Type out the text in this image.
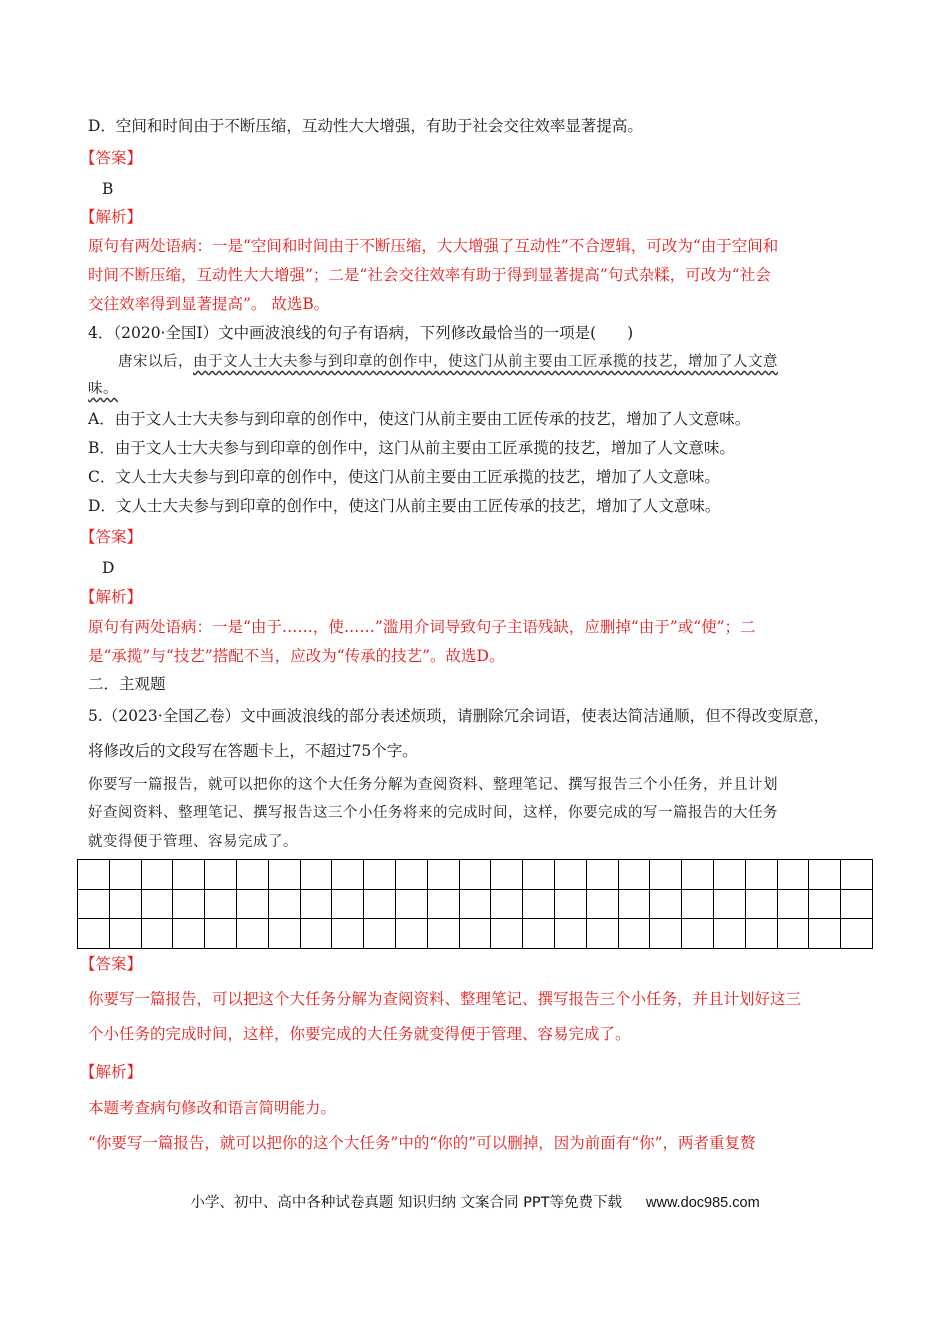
D．空间和时间由于不断压缩，互动性大大增强，有助于社会交往效率显著提高。
【答案】
B
【解析】
原句有两处语病：一是“空间和时间由于不断压缩，大大增强了互动性”不合逻辑，可改为“由于空间和
时间不断压缩，互动性大大增强”；二是“社会交往效率有助于得到显著提高”句式杂糅，可改为“社会
交往效率得到显著提高”。 故选B。
4．（2020·全国Ⅰ）文中画波浪线的句子有语病，下列修改最恰当的一项是(　　)
唐宋以后，由于文人士大夫参与到印章的创作中，使这门从前主要由工匠承揽的技艺，增加了人文意
味。
A．由于文人士大夫参与到印章的创作中，使这门从前主要由工匠传承的技艺，增加了人文意味。
B．由于文人士大夫参与到印章的创作中，这门从前主要由工匠承揽的技艺，增加了人文意味。
C．文人士大夫参与到印章的创作中，使这门从前主要由工匠承揽的技艺，增加了人文意味。
D．文人士大夫参与到印章的创作中，使这门从前主要由工匠传承的技艺，增加了人文意味。
【答案】
D
【解析】
原句有两处语病：一是“由于……，使……”滥用介词导致句子主语残缺，应删掉“由于”或“使”；二
是“承揽”与“技艺”搭配不当，应改为“传承的技艺”。故选D。
二．主观题
5.（2023·全国乙卷）文中画波浪线的部分表述烦琐，请删除冗余词语，使表达简洁通顺，但不得改变原意，
将修改后的文段写在答题卡上，不超过75个字。
你要写一篇报告，就可以把你的这个大任务分解为查阅资料、整理笔记、撰写报告三个小任务，并且计划
好查阅资料、整理笔记、撰写报告这三个小任务将来的完成时间，这样，你要完成的写一篇报告的大任务
就变得便于管理、容易完成了。
【答案】
你要写一篇报告，可以把这个大任务分解为查阅资料、整理笔记、撰写报告三个小任务，并且计划好这三
个小任务的完成时间，这样，你要完成的大任务就变得便于管理、容易完成了。
【解析】
本题考查病句修改和语言简明能力。
“你要写一篇报告，就可以把你的这个大任务”中的“你的”可以删掉，因为前面有“你”，两者重复赘
小学、初中、高中各种试卷真题 知识归纳 文案合同 PPT等免费下载 www.doc985.com
